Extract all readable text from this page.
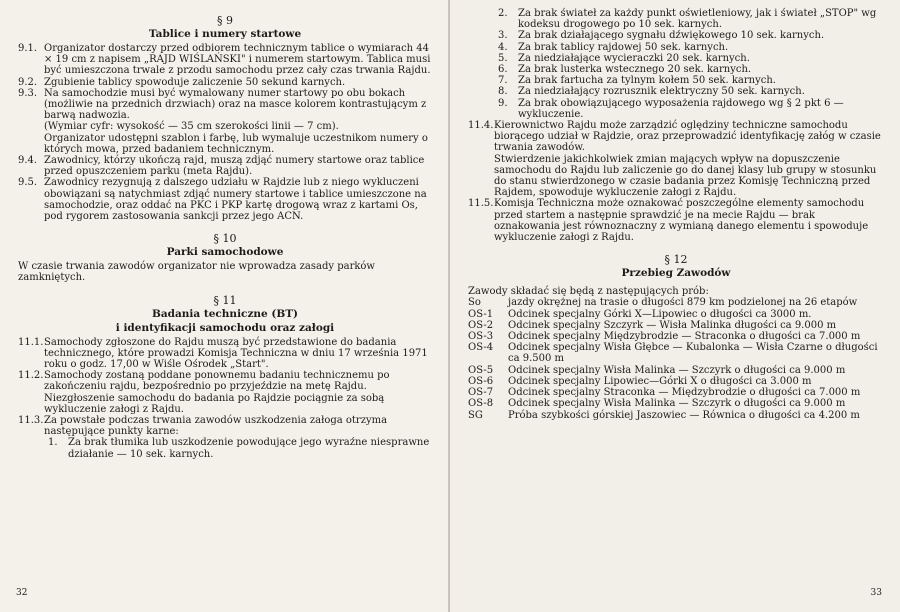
§ 9
Tablice i numery startowe
9.1. Organizator dostarczy przed odbiorem technicznym tablice o wymiarach 44 × 19 cm z napisem „RAJD WIŚLAŃSKI" i numerem startowym. Tablica musi być umieszczona trwale z przodu samochodu przez cały czas trwania Rajdu.
9.2. Zgubienie tablicy spowoduje zaliczenie 50 sekund karnych.
9.3. Na samochodzie musi być wymalowany numer startowy po obu bokach (możliwie na przednich drzwiach) oraz na masce kolorem kontrastującym z barwą nadwozia.
(Wymiar cyfr: wysokość — 35 cm szerokości linii — 7 cm).
Organizator udostępni szablon i farbę, lub wymaluje uczestnikom numery o których mowa, przed badaniem technicznym.
9.4. Zawodnicy, którzy ukończą rajd, muszą zdjąć numery startowe oraz tablice przed opuszczeniem parku (meta Rajdu).
9.5. Zawodnicy rezygnują z dalszego udziału w Rajdzie lub z niego wykluczeni obowiązani są natychmiast zdjąć numery startowe i tablice umieszczone na samochodzie, oraz oddać na PKC i PKP kartę drogową wraz z kartami Os, pod rygorem zastosowania sankcji przez jego ACN.
§ 10
Parki samochodowe
W czasie trwania zawodów organizator nie wprowadza zasady parków zamkniętych.
§ 11
Badania techniczne (BT)
i identyfikacji samochodu oraz załogi
11.1. Samochody zgłoszone do Rajdu muszą być przedstawione do badania technicznego, które prowadzi Komisja Techniczna w dniu 17 września 1971 roku o godz. 17,00 w Wiśle Ośrodek „Start".
11.2. Samochody zostaną poddane ponownemu badaniu technicznemu po zakończeniu rajdu, bezpośrednio po przyjeździe na metę Rajdu.
Niezgłoszenie samochodu do badania po Rajdzie pociągnie za sobą wykluczenie załogi z Rajdu.
11.3. Za powstałe podczas trwania zawodów uszkodzenia załoga otrzyma następujące punkty karne:
1. Za brak tłumika lub uszkodzenie powodujące jego wyraźne niesprawne działanie — 10 sek. karnych.
32
2. Za brak świateł za każdy punkt oświetleniowy, jak i świateł „STOP" wg kodeksu drogowego po 10 sek. karnych.
3. Za brak działającego sygnału dźwiękowego 10 sek. karnych.
4. Za brak tablicy rajdowej 50 sek. karnych.
5. Za niedziałające wycieraczki 20 sek. karnych.
6. Za brak lusterka wstecznego 20 sek. karnych.
7. Za brak fartucha za tylnym kołem 50 sek. karnych.
8. Za niedziałający rozrusznik elektryczny 50 sek. karnych.
9. Za brak obowiązującego wyposażenia rajdowego wg § 2 pkt 6 — wykluczenie.
11.4. Kierownictwo Rajdu może zarządzić oględziny techniczne samochodu biorącego udział w Rajdzie, oraz przeprowadzić identyfikację załóg w czasie trwania zawodów.
Stwierdzenie jakichkolwiek zmian mających wpływ na dopuszczenie samochodu do Rajdu lub zaliczenie go do danej klasy lub grupy w stosunku do stanu stwierdzonego w czasie badania przez Komisję Techniczną przed Rajdem, spowoduje wykluczenie załogi z Rajdu.
11.5. Komisja Techniczna może oznakować poszczególne elementy samochodu przed startem a następnie sprawdzić je na mecie Rajdu — brak oznakowania jest równoznaczny z wymianą danego elementu i spowoduje wykluczenie załogi z Rajdu.
§ 12
Przebieg Zawodów
Zawody składać się będą z następujących prób:
So	jazdy okrężnej na trasie o długości 879 km podzielonej na 26 etapów
OS-1 Odcinek specjalny Górki X—Lipowiec o długości ca 3000 m.
OS-2 Odcinek specjalny Szczyrk — Wisła Malinka długości ca 9.000 m
OS-3 Odcinek specjalny Międzybrodzie — Straconka o długości ca 7.000 m
OS-4 Odcinek specjalny Wisła Głębce — Kubalonka — Wisła Czarne o długości ca 9.500 m
OS-5 Odcinek specjalny Wisła Malinka — Szczyrk o długości ca 9.000 m
OS-6 Odcinek specjalny Lipowiec—Górki X o długości ca 3.000 m
OS-7 Odcinek specjalny Straconka — Międzybrodzie o długości ca 7.000 m
OS-8 Odcinek specjalny Wisła Malinka — Szczyrk o długości ca 9.000 m
SG	Próba szybkości górskiej Jaszowiec — Równica o długości ca 4.200 m
33
